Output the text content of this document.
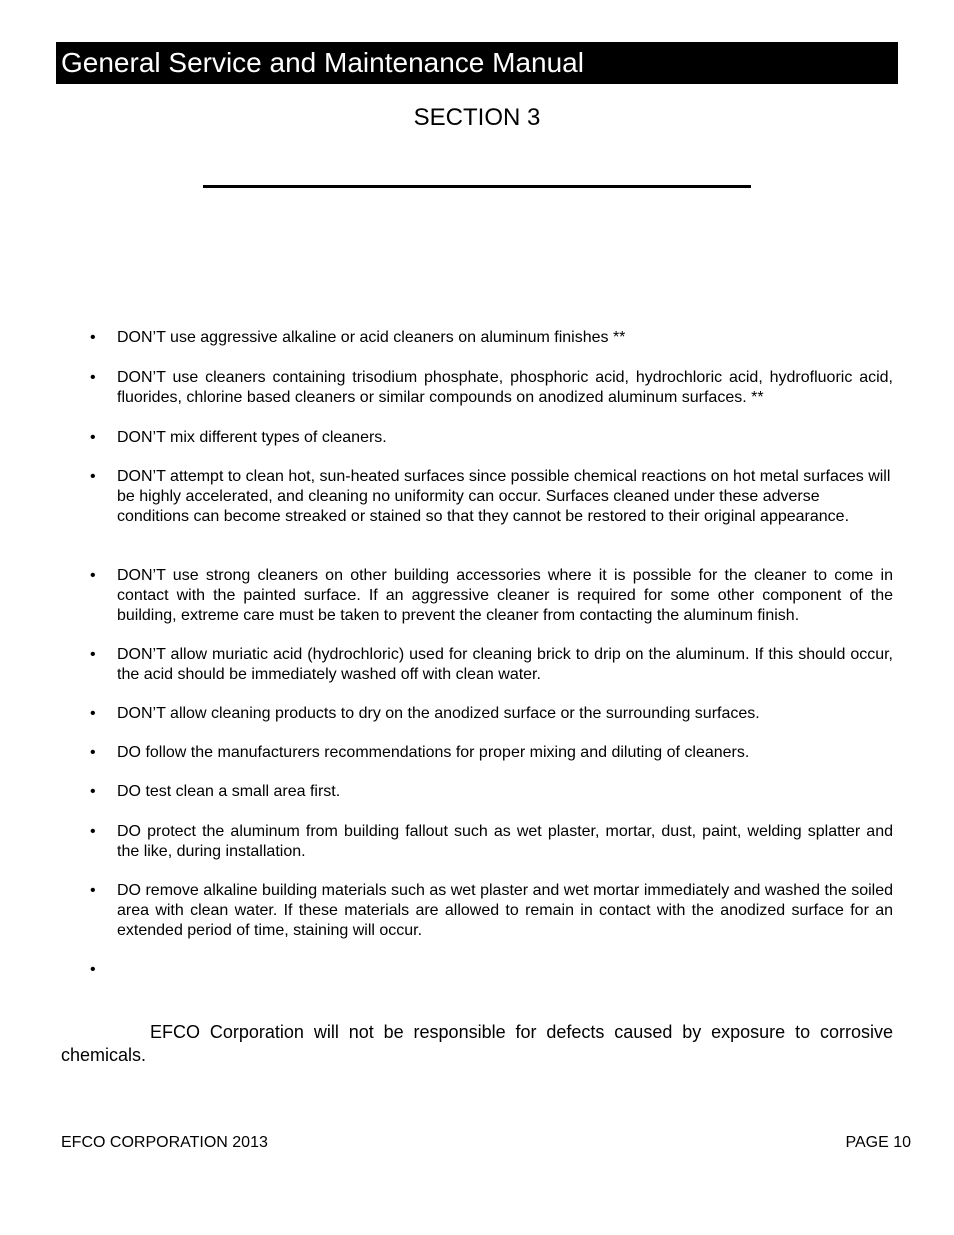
General Service and Maintenance Manual
SECTION 3
• DON’T use aggressive alkaline or acid cleaners on aluminum finishes **
• DON’T use cleaners containing trisodium phosphate, phosphoric acid, hydrochloric acid, hydrofluoric acid, fluorides, chlorine based cleaners or similar compounds on anodized aluminum surfaces. **
• DON’T mix different types of cleaners.
• DON’T attempt to clean hot, sun-heated surfaces since possible chemical reactions on hot metal surfaces will be highly accelerated, and cleaning no uniformity can occur. Surfaces cleaned under these adverse conditions can become streaked or stained so that they cannot be restored to their original appearance.
• DON’T use strong cleaners on other building accessories where it is possible for the cleaner to come in contact with the painted surface. If an aggressive cleaner is required for some other component of the building, extreme care must be taken to prevent the cleaner from contacting the aluminum finish.
• DON’T allow muriatic acid (hydrochloric) used for cleaning brick to drip on the aluminum. If this should occur, the acid should be immediately washed off with clean water.
• DON’T allow cleaning products to dry on the anodized surface or the surrounding surfaces.
• DO follow the manufacturers recommendations for proper mixing and diluting of cleaners.
• DO test clean a small area first.
• DO protect the aluminum from building fallout such as wet plaster, mortar, dust, paint, welding splatter and the like, during installation.
• DO remove alkaline building materials such as wet plaster and wet mortar immediately and washed the soiled area with clean water. If these materials are allowed to remain in contact with the anodized surface for an extended period of time, staining will occur.
•
EFCO Corporation will not be responsible for defects caused by exposure to corrosive chemicals.
EFCO CORPORATION 2013	PAGE 10
